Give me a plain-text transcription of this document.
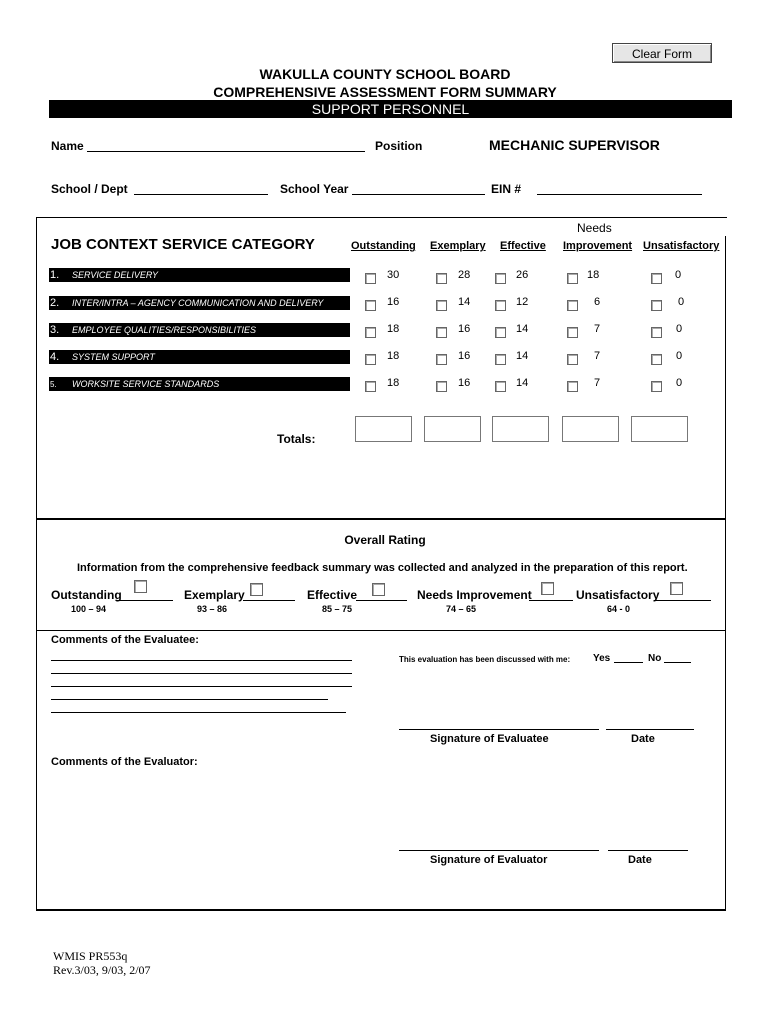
Clear Form
WAKULLA COUNTY SCHOOL BOARD
COMPREHENSIVE ASSESSMENT FORM SUMMARY
SUPPORT PERSONNEL
Name	Position	MECHANIC SUPERVISOR
School / Dept	School Year	EIN #
JOB CONTEXT SERVICE CATEGORY
Needs
Outstanding Exemplary Effective Improvement Unsatisfactory
1. SERVICE DELIVERY	30	28	26	18	0
2. INTER/INTRA – AGENCY COMMUNICATION AND DELIVERY	16	14	12	6	0
3. EMPLOYEE QUALITIES/RESPONSIBILITIES	18	16	14	7	0
4. SYSTEM SUPPORT	18	16	14	7	0
5. WORKSITE SERVICE STANDARDS	18	16	14	7	0
Totals:
Overall Rating
Information from the comprehensive feedback summary was collected and analyzed in the preparation of this report.
Outstanding
100 – 94
Exemplary
93 – 86
Effective
85 – 75
Needs Improvement
74 – 65
Unsatisfactory
64 - 0
Comments of the Evaluatee:
This evaluation has been discussed with me: Yes	No
Signature of Evaluatee	Date
Comments of the Evaluator:
Signature of Evaluator	Date
WMIS PR553q
Rev.3/03, 9/03, 2/07
